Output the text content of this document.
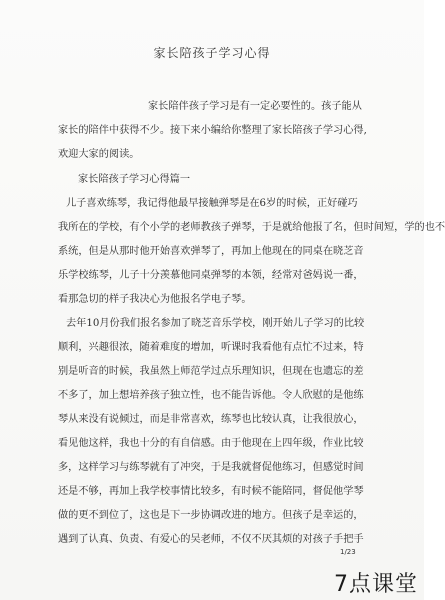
家长陪孩子学习心得
家长陪伴孩子学习是有一定必要性的。孩子能从
家长的陪伴中获得不少。接下来小编给你整理了家长陪孩子学习心得,
欢迎大家的阅读。
家长陪孩子学习心得篇一
儿子喜欢练琴，我记得他最早接触弹琴是在6岁的时候，正好碰巧
我所在的学校，有个小学的老师教孩子弹琴，于是就给他报了名，但时间短，学的也不
系统，但是从那时他开始喜欢弹琴了，再加上他现在的同桌在晓芝音
乐学校练琴，儿子十分羡慕他同桌弹琴的本领，经常对爸妈说一番，
看那急切的样子我决心为他报名学电子琴。
去年10月份我们报名参加了晓芝音乐学校，刚开始儿子学习的比较
顺利，兴趣很浓，随着难度的增加，听课时我看他有点忙不过来，特
别是听音的时候，我虽然上师范学过点乐理知识，但现在也遗忘的差
不多了，加上想培养孩子独立性，也不能告诉他。令人欣慰的是他练
琴从来没有说倾过，而是非常喜欢，练琴也比较认真，让我很放心，
看见他这样，我也十分的有自信感。由于他现在上四年级，作业比较
多，这样学习与练琴就有了冲突，于是我就督促他练习，但感觉时间
还是不够，再加上我学校事情比较多，有时候不能陪同，督促他学琴
做的更不到位了，这也是下一步协调改进的地方。但孩子是幸运的，
遇到了认真、负责、有爱心的吴老师，不仅不厌其烦的对孩子手把手
1/23
7点课堂
